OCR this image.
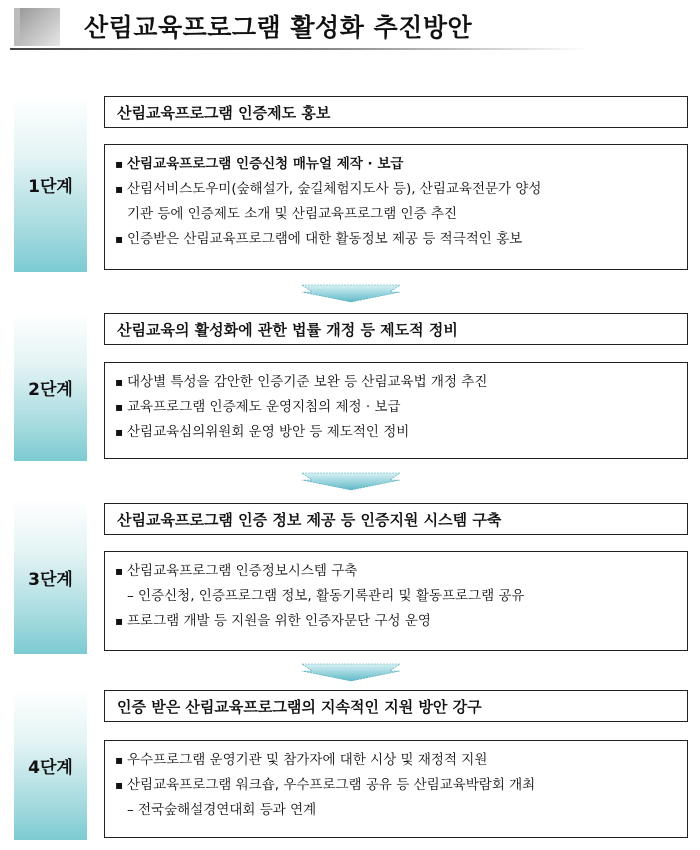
산림교육프로그램 활성화 추진방안
1단계
산림교육프로그램 인증제도 홍보
▪ 산림교육프로그램 인증신청 매뉴얼 제작 · 보급
▪ 산림서비스도우미(숲해설가, 숲길체험지도사 등), 산림교육전문가 양성
기관 등에 인증제도 소개 및 산림교육프로그램 인증 추진
▪ 인증받은 산림교육프로그램에 대한 활동정보 제공 등 적극적인 홍보
2단계
산림교육의 활성화에 관한 법률 개정 등 제도적 정비
▪ 대상별 특성을 감안한 인증기준 보완 등 산림교육법 개정 추진
▪ 교육프로그램 인증제도 운영지침의 제정 · 보급
▪ 산림교육심의위원회 운영 방안 등 제도적인 정비
3단계
산림교육프로그램 인증 정보 제공 등 인증지원 시스템 구축
▪ 산림교육프로그램 인증정보시스템 구축
– 인증신청, 인증프로그램 정보, 활동기록관리 및 활동프로그램 공유
▪ 프로그램 개발 등 지원을 위한 인증자문단 구성 운영
4단계
인증 받은 산림교육프로그램의 지속적인 지원 방안 강구
▪ 우수프로그램 운영기관 및 참가자에 대한 시상 및 재정적 지원
▪ 산림교육프로그램 워크숍, 우수프로그램 공유 등 산림교육박람회 개최
– 전국숲해설경연대회 등과 연계
